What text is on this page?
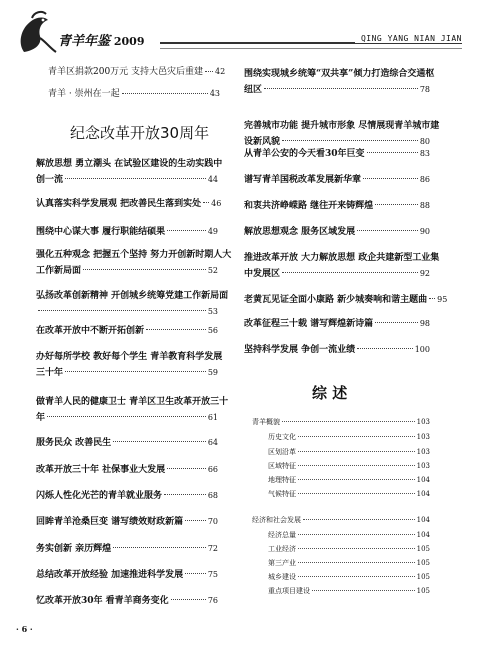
青羊年鉴 2009	QING YANG NIAN JIAN
青羊区捐款200万元 支持大邑灾后重建 42
青羊 · 崇州在一起	43
纪念改革开放30周年
解放思想 勇立潮头 在试验区建设的生动实践中
创一流	44
认真落实科学发展观 把改善民生落到实处 46
围绕中心谋大事 履行职能结硕果	49
强化五种观念 把握五个坚持 努力开创新时期人大
工作新局面	52
弘扬改革创新精神 开创城乡统筹党建工作新局面
53
在改革开放中不断开拓创新	56
办好每所学校 教好每个学生 青羊教育科学发展
三十年	59
做青羊人民的健康卫士 青羊区卫生改革开放三十
年	61
服务民众 改善民生	64
改革开放三十年 社保事业大发展	66
闪烁人性化光芒的青羊就业服务	68
回眸青羊沧桑巨变 谱写绩效财政新篇	70
务实创新 亲历辉煌	72
总结改革开放经验 加速推进科学发展	75
忆改革开放30年 看青羊商务变化	76
围绕实现城乡统筹“双共享”倾力打造综合交通枢
纽区	78
完善城市功能 提升城市形象 尽情展现青羊城市建
设新风貌	80
从青羊公安的今天看30年巨变	83
谱写青羊国税改革发展新华章	86
和衷共济峥嵘路 继往开来铸辉煌	88
解放思想观念 服务区域发展	90
推进改革开放 大力解放思想 政企共建新型工业集
中发展区	92
老黄瓦见证全面小康路 新少城奏响和谐主题曲 95
改革征程三十载 谱写辉煌新诗篇	98
坚持科学发展 争创一流业绩	100
综 述
青羊概貌	103
历史文化	103
区划沿革	103
区域特征	103
地理特征	104
气候特征	104
经济和社会发展	104
经济总量	104
工业经济	105
第三产业	105
城乡建设	105
重点项目建设	105
· 6 ·
